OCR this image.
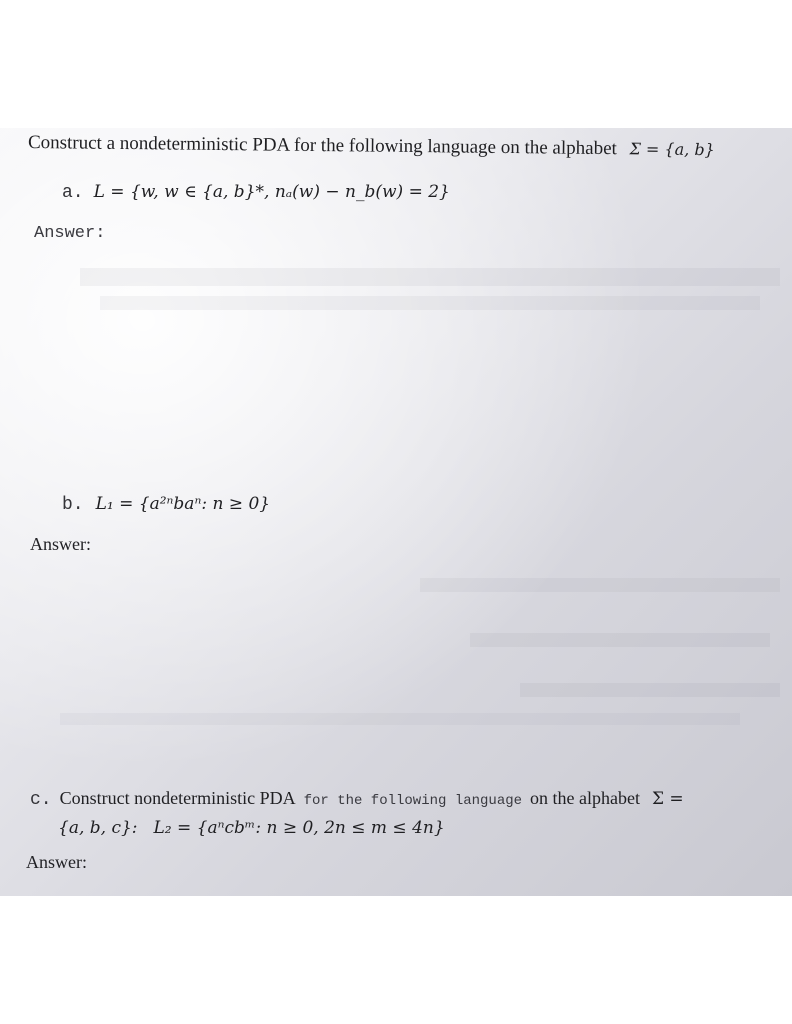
Construct a nondeterministic PDA for the following language on the alphabet Σ = {a, b}
a. L = {w, w ∈ {a, b}*, nₐ(w) − n_b(w) = 2}
Answer:
b. L₁ = {a²ⁿbaⁿ: n ≥ 0}
Answer:
c. Construct nondeterministic PDA for the following language on the alphabet Σ =
{a, b, c}: L₂ = {aⁿcbᵐ: n ≥ 0, 2n ≤ m ≤ 4n}
Answer:
